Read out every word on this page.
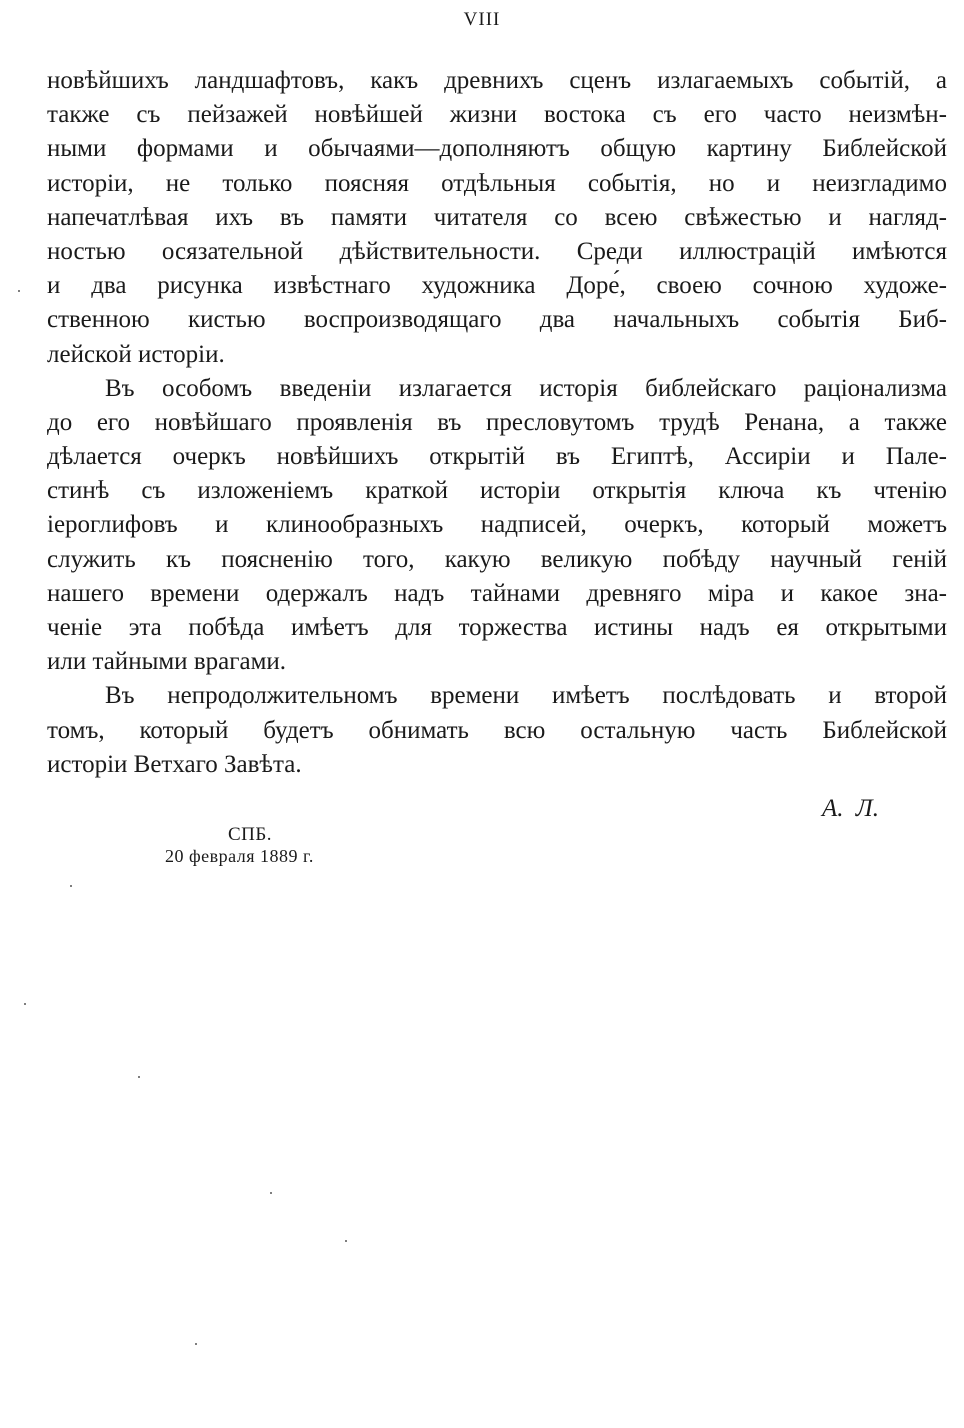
VIII

новѣйшихъ ландшафтовъ, какъ древнихъ сценъ излагаемыхъ событій, а
также съ пейзажей новѣйшей жизни востока съ его часто неизмѣн-
ными формами и обычаями—дополняютъ общую картину Библейской
исторіи, не только поясняя отдѣльныя событія, но и неизгладимо
напечатлѣвая ихъ въ памяти читателя со всею свѣжестью и нагляд-
ностью осязательной дѣйствительности. Среди иллюстрацій имѣются
и два рисунка извѣстнаго художника Доре́, своею сочною художе-
ственною кистью воспроизводящаго два начальныхъ событія Биб-
лейской исторіи.

Въ особомъ введеніи излагается исторія библейскаго раціонализма
до его новѣйшаго проявленія въ пресловутомъ трудѣ Ренана, а также
дѣлается очеркъ новѣйшихъ открытій въ Египтѣ, Ассиріи и Пале-
стинѣ съ изложеніемъ краткой исторіи открытія ключа къ чтенію
іероглифовъ и клинообразныхъ надписей, очеркъ, который можетъ
служить къ поясненію того, какую великую побѣду научный геній
нашего времени одержалъ надъ тайнами древняго міра и какое зна-
ченіе эта побѣда имѣетъ для торжества истины надъ ея открытыми
или тайными врагами.

Въ непродолжительномъ времени имѣетъ послѣдовать и второй
томъ, который будетъ обнимать всю остальную часть Библейской
исторіи Ветхаго Завѣта.

А. Л.
СПБ.
20 февраля 1889 г.
